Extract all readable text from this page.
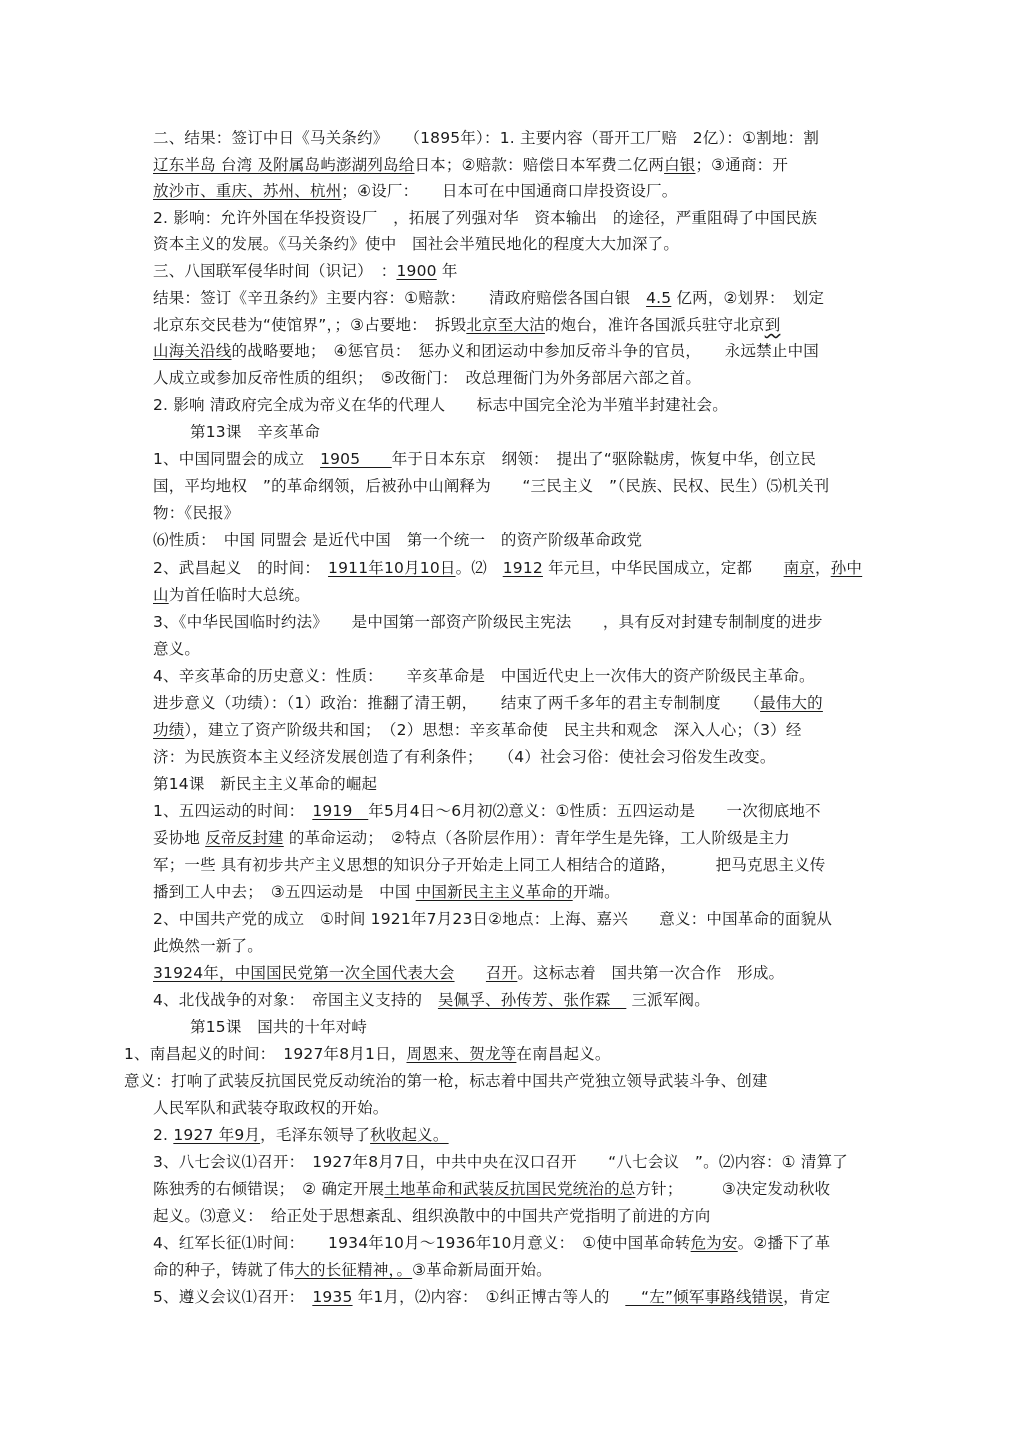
二、结果：签订中日《马关条约》　　（1895年）：1. 主要内容（哥开工厂赔　2亿）：①割地：割
辽东半岛 台湾 及附属岛屿澎湖列岛给日本；②赔款：赔偿日本军费二亿两白银；③通商：开
放沙市、重庆、苏州、杭州；④设厂：　　日本可在中国通商口岸投资设厂。
2. 影响：允许外国在华投资设厂　，拓展了列强对华　资本输出　的途径，严重阻碍了中国民族
资本主义的发展。《马关条约》使中　国社会半殖民地化的程度大大加深了。
三、八国联军侵华时间（识记）　：1900 年
结果：签订《辛丑条约》主要内容：①赔款：　　清政府赔偿各国白银　4.5 亿两，②划界：　划定
北京东交民巷为“使馆界”，；③占要地：　拆毁北京至大沽的炮台，准许各国派兵驻守北京到
山海关沿线的战略要地；　④惩官员：　惩办义和团运动中参加反帝斗争的官员，　　永远禁止中国
人成立或参加反帝性质的组织；　⑤改衙门：　改总理衙门为外务部居六部之首。
2. 影响 清政府完全成为帝义在华的代理人　　标志中国完全沦为半殖半封建社会。
第13课　辛亥革命
1、中国同盟会的成立　1905　　年于日本东京　纲领：　提出了“驱除鞑虏，恢复中华，创立民
国，平均地权　”的革命纲领，后被孙中山阐释为　　“三民主义　”（民族、民权、民生）⑸机关刊
物：《民报》
⑹性质：　中国 同盟会 是近代中国　第一个统一　的资产阶级革命政党
2、武昌起义　的时间：　1911年10月10日。⑵　1912 年元旦，中华民国成立，定都　　南京，孙中
山为首任临时大总统。
3、《中华民国临时约法》　　是中国第一部资产阶级民主宪法　　，具有反对封建专制制度的进步
意义。
4、辛亥革命的历史意义：性质：　　辛亥革命是　中国近代史上一次伟大的资产阶级民主革命。
进步意义（功绩）：（1）政治：推翻了清王朝，　　结束了两千多年的君主专制制度　　（最伟大的
功绩），建立了资产阶级共和国；　（2）思想：辛亥革命使　民主共和观念　深入人心；（3）经
济：为民族资本主义经济发展创造了有利条件；　　（4）社会习俗：使社会习俗发生改变。
第14课　新民主主义革命的崛起
1、五四运动的时间：　1919　年5月4日～6月初⑵意义：①性质：五四运动是　　一次彻底地不
妥协地 反帝反封建 的革命运动；　②特点（各阶层作用）：青年学生是先锋，工人阶级是主力
军；一些 具有初步共产主义思想的知识分子开始走上同工人相结合的道路，　　　把马克思主义传
播到工人中去；　③五四运动是　中国 中国新民主主义革命的开端。
2、中国共产党的成立　①时间 1921年7月23日②地点：上海、嘉兴　　意义：中国革命的面貌从
此焕然一新了。
31924年，中国国民党第一次全国代表大会　　 召开。这标志着　国共第一次合作　形成。
4、北伐战争的对象：　帝国主义支持的　吴佩孚、孙传芳、张作霖　 三派军阀。
第15课　国共的十年对峙
1、南昌起义的时间：　1927年8月1日，周恩来、贺龙等在南昌起义。
意义：打响了武装反抗国民党反动统治的第一枪，标志着中国共产党独立领导武装斗争、创建
人民军队和武装夺取政权的开始。
2. 1927 年9月，毛泽东领导了秋收起义。
3、八七会议⑴召开：　1927年8月7日，中共中央在汉口召开　　“八七会议　”。⑵内容：① 清算了
陈独秀的右倾错误；　② 确定开展土地革命和武装反抗国民党统治的总方针；　　　③决定发动秋收
起义。⑶意义：　给正处于思想紊乱、组织涣散中的中国共产党指明了前进的方向
4、红军长征⑴时间：　　1934年10月～1936年10月意义：　①使中国革命转危为安。②播下了革
命的种子，铸就了伟大的长征精神，。③革命新局面开始。
5、遵义会议⑴召开：　1935 年1月，⑵内容：　①纠正博古等人的　　“左”倾军事路线错误，肯定
